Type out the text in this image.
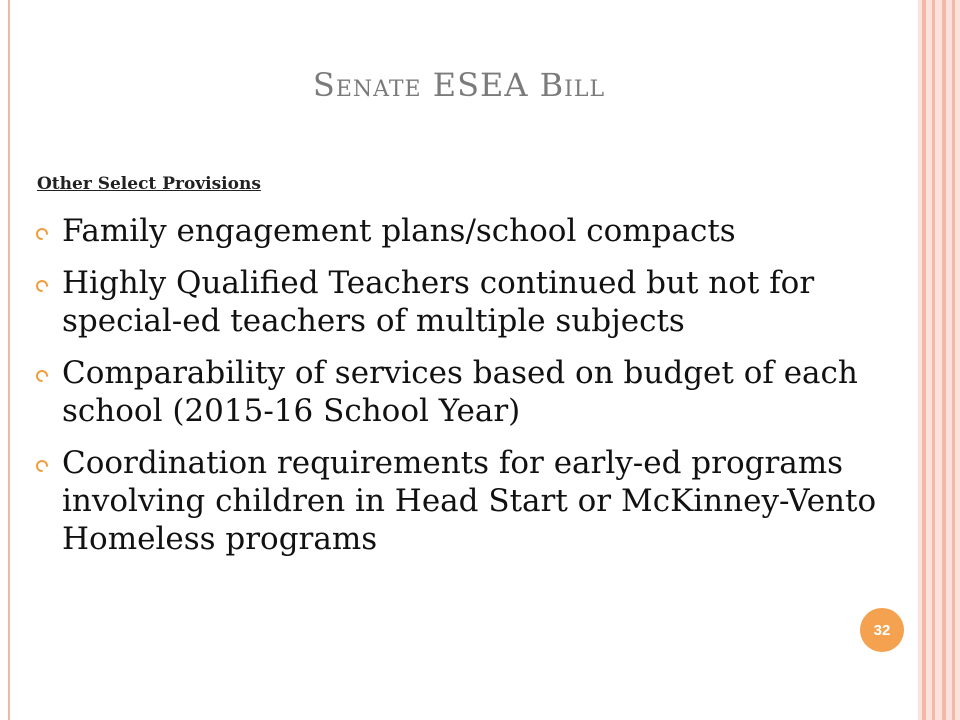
Senate ESEA Bill
Other Select Provisions
Family engagement plans/school compacts
Highly Qualified Teachers continued but not for special-ed teachers of multiple subjects
Comparability of services based on budget of each school (2015-16 School Year)
Coordination requirements for early-ed programs involving children in Head Start or McKinney-Vento Homeless programs
32
